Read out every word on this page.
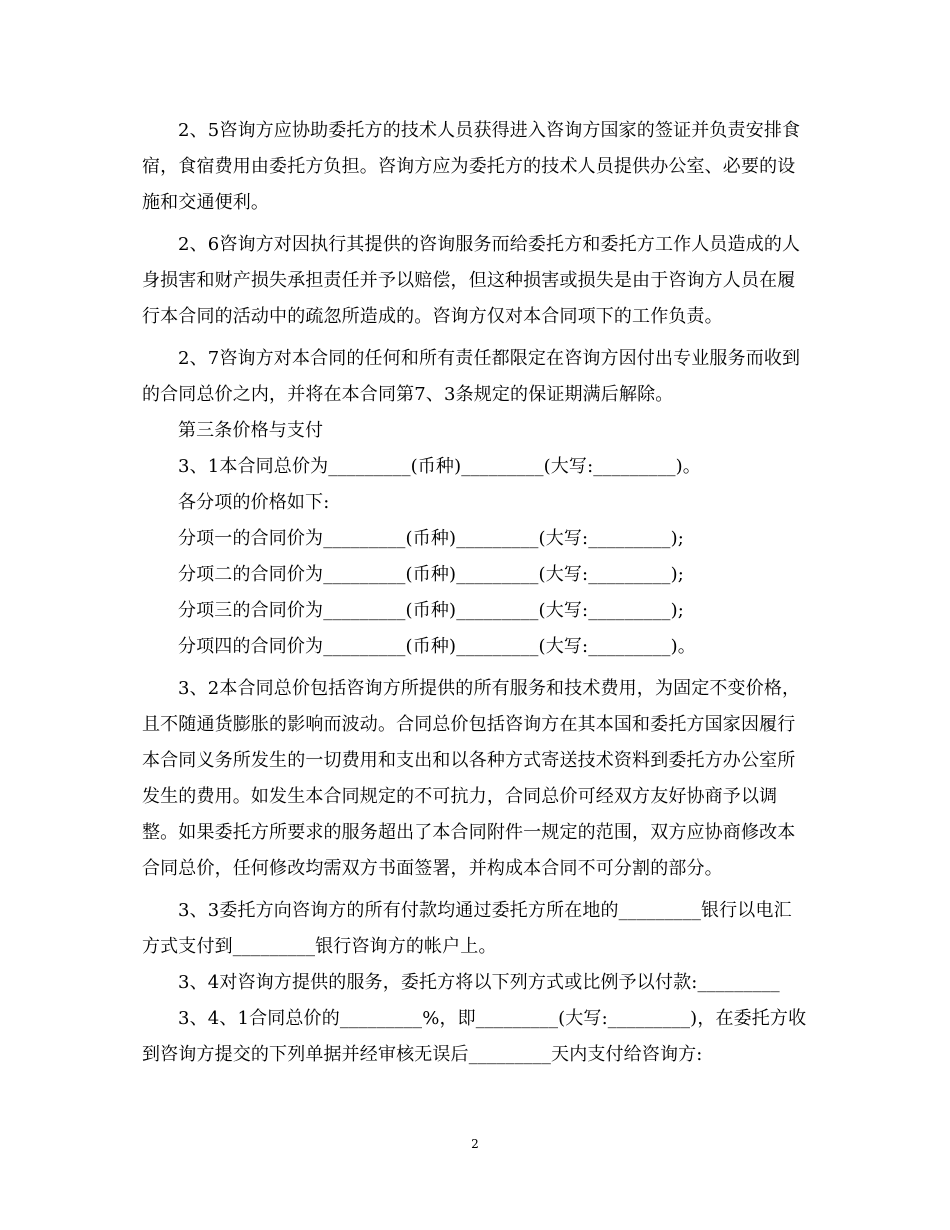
2、5咨询方应协助委托方的技术人员获得进入咨询方国家的签证并负责安排食宿，食宿费用由委托方负担。咨询方应为委托方的技术人员提供办公室、必要的设施和交通便利。

2、6咨询方对因执行其提供的咨询服务而给委托方和委托方工作人员造成的人身损害和财产损失承担责任并予以赔偿，但这种损害或损失是由于咨询方人员在履行本合同的活动中的疏忽所造成的。咨询方仅对本合同项下的工作负责。

2、7咨询方对本合同的任何和所有责任都限定在咨询方因付出专业服务而收到的合同总价之内，并将在本合同第7、3条规定的保证期满后解除。

第三条价格与支付

3、1本合同总价为_________(币种)_________(大写:_________)。

各分项的价格如下:

分项一的合同价为_________(币种)_________(大写:_________);

分项二的合同价为_________(币种)_________(大写:_________);

分项三的合同价为_________(币种)_________(大写:_________);

分项四的合同价为_________(币种)_________(大写:_________)。

3、2本合同总价包括咨询方所提供的所有服务和技术费用，为固定不变价格，且不随通货膨胀的影响而波动。合同总价包括咨询方在其本国和委托方国家因履行本合同义务所发生的一切费用和支出和以各种方式寄送技术资料到委托方办公室所发生的费用。如发生本合同规定的不可抗力，合同总价可经双方友好协商予以调整。如果委托方所要求的服务超出了本合同附件一规定的范围，双方应协商修改本合同总价，任何修改均需双方书面签署，并构成本合同不可分割的部分。

3、3委托方向咨询方的所有付款均通过委托方所在地的_________银行以电汇方式支付到_________银行咨询方的帐户上。

3、4对咨询方提供的服务，委托方将以下列方式或比例予以付款:_________

3、4、1合同总价的_________%，即_________(大写:_________)，在委托方收到咨询方提交的下列单据并经审核无误后_________天内支付给咨询方:

2
